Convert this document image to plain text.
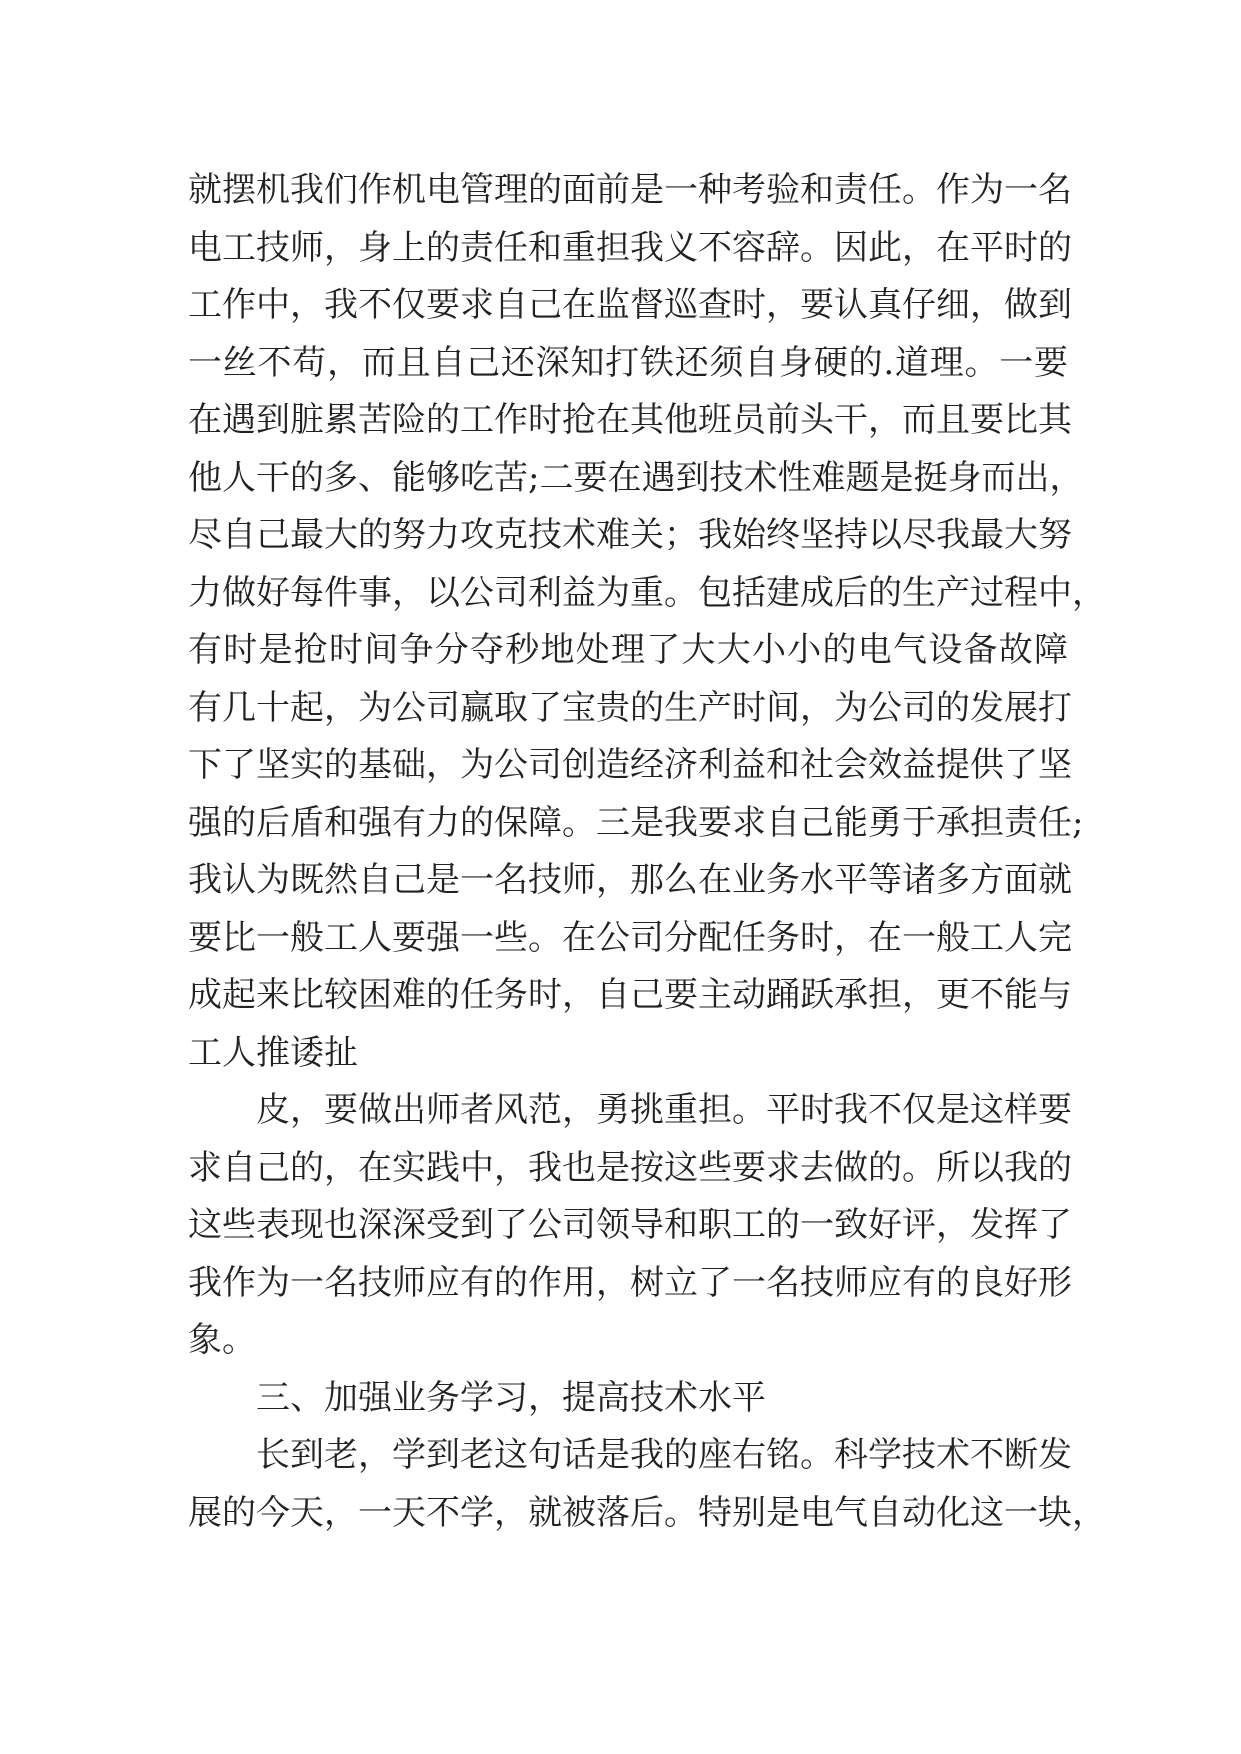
就摆机我们作机电管理的面前是一种考验和责任。作为一名
电工技师，身上的责任和重担我义不容辞。因此，在平时的
工作中，我不仅要求自己在监督巡查时，要认真仔细，做到
一丝不苟，而且自己还深知打铁还须自身硬的.道理。一要
在遇到脏累苦险的工作时抢在其他班员前头干，而且要比其
他人干的多、能够吃苦;二要在遇到技术性难题是挺身而出，
尽自己最大的努力攻克技术难关；我始终坚持以尽我最大努
力做好每件事，以公司利益为重。包括建成后的生产过程中，
有时是抢时间争分夺秒地处理了大大小小的电气设备故障
有几十起，为公司赢取了宝贵的生产时间，为公司的发展打
下了坚实的基础，为公司创造经济利益和社会效益提供了坚
强的后盾和强有力的保障。三是我要求自己能勇于承担责任;
我认为既然自己是一名技师，那么在业务水平等诸多方面就
要比一般工人要强一些。在公司分配任务时，在一般工人完
成起来比较困难的任务时，自己要主动踊跃承担，更不能与
工人推诿扯
皮，要做出师者风范，勇挑重担。平时我不仅是这样要
求自己的，在实践中，我也是按这些要求去做的。所以我的
这些表现也深深受到了公司领导和职工的一致好评，发挥了
我作为一名技师应有的作用，树立了一名技师应有的良好形
象。
三、加强业务学习，提高技术水平
长到老，学到老这句话是我的座右铭。科学技术不断发
展的今天，一天不学，就被落后。特别是电气自动化这一块，
